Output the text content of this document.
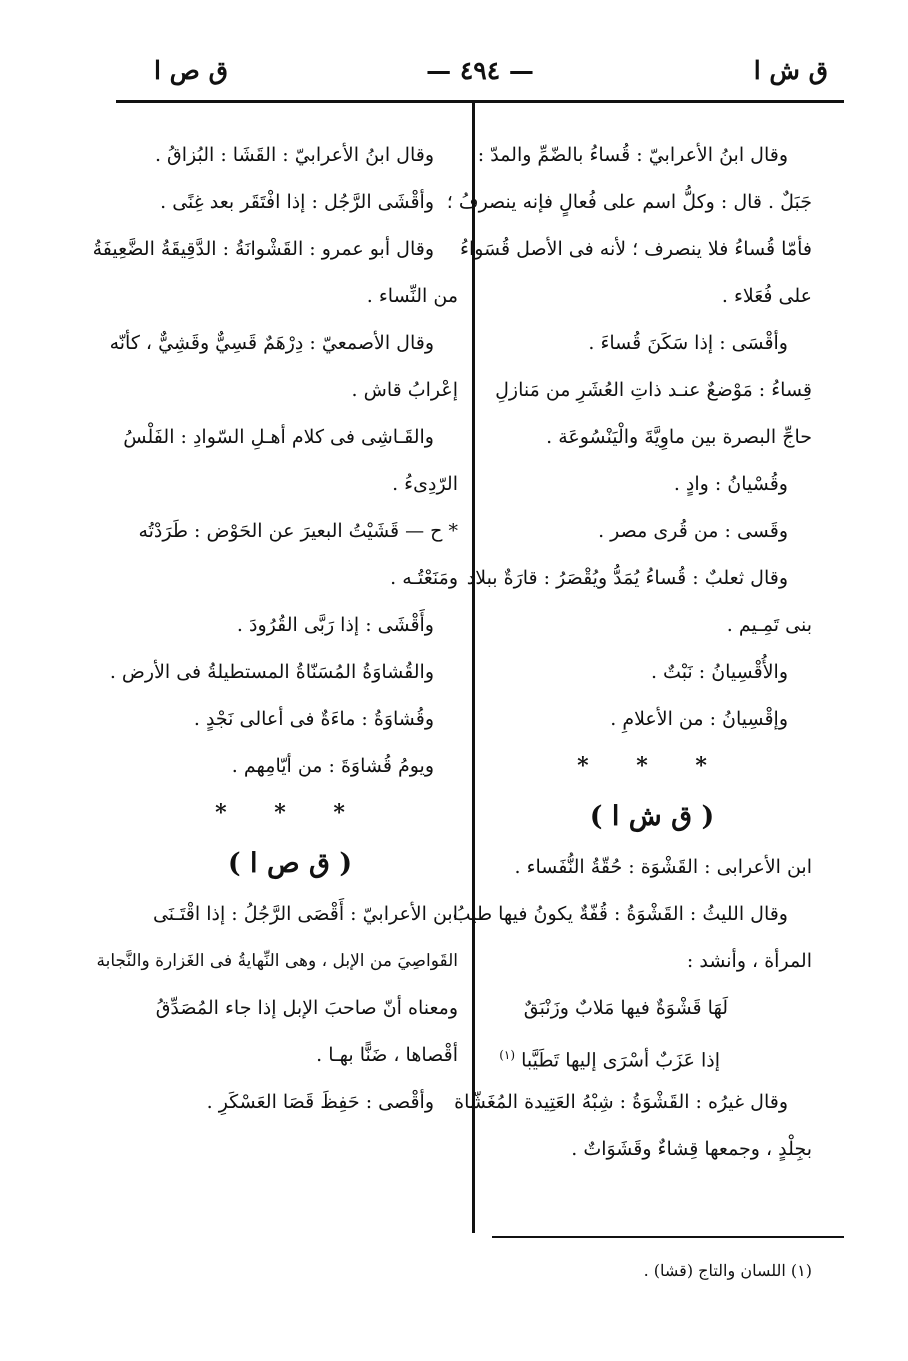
ق ش ا
— ٤٩٤ —
ق ص ا
وقال ابنُ الأعرابيّ : قُساءُ بالضّمِّ والمدّ :
جَبَلٌ . قال : وكلُّ اسم على فُعالٍ فإنه ينصرفُ ؛
فأمّا قُساءُ فلا ينصرف ؛ لأنه فى الأصل قُسَواءُ
على فُعَلاء .
وأقْسَى : إذا سَكَنَ قُساءَ .
قِساءُ : مَوْضعٌ عنـد ذاتِ العُشَرِ من مَنازلِ
حاجِّ البصرة بين ماوِيَّةَ والْيَنْسُوعَة .
وقُسْيانُ : وادٍ .
وقَسى : من قُرى مصر .
وقال ثعلبٌ : قُساءُ يُمَدُّ ويُقْصَرُ : قارَةٌ ببلاد
بنى تَمِـيم .
والأُقْسِيانُ : نَبْتٌ .
وإقْسِيانُ : من الأعلامِ .
* * *
( ق ش ا )
ابن الأعرابى : القَشْوَة : حُقّةُ النُّفَساء .
وقال الليثُ : القَشْوَةُ : قُفّةٌ يكونُ فيها طيبُ
المرأة ، وأنشد :
لَهَا قَشْوَةٌ فيها مَلابٌ وزَنْبَقٌ
إذا عَزَبٌ أسْرَى إليها تَطَيَّبا $^{(١)}$
وقال غيرُه : القَشْوَةُ : شِبْهُ العَتِيدة المُغَشّاة
بجِلْدٍ ، وجمعها قِشاءٌ وقَشَوَاتٌ .
وقال ابنُ الأعرابيّ : القَشَا : البُزاقُ .
وأقْشَى الرَّجُل : إذا افْتَقَر بعد غِنًى .
وقال أبو عمرو : القَشْوانَةُ : الدَّقِيقَةُ الضَّعِيفَةُ
من النِّساء .
وقال الأصمعيّ : دِرْهَمٌ قَسِيٌّ وقَشِيٌّ ، كأنّه
إعْرابُ قاش .
والقَـاشِى فى كلام أهـلِ السّوادِ : الفَلْسُ
الرّدِىءُ .
* ح — قَشَيْتُ البعيرَ عن الحَوْض : طَرَدْتُه
ومَنَعْتُـه .
وأَقْشَى : إذا رَبَّى القُرُودَ .
والقُشاوَةُ المُسَنّاةُ المستطيلةُ فى الأرض .
وقُشاوَةُ : ماءَةٌ فى أعالى نَجْدٍ .
ويومُ قُشاوَةَ : من أيّامِهم .
* * *
( ق ص ا )
ابن الأعرابيّ : أَقْصَى الرَّجُلُ : إذا اقْتَـنَى
القَواصِيَ من الإبل ، وهى النِّهايةُ فى الغَزارة والنَّجابة
ومعناه أنّ صاحبَ الإبل إذا جاء المُصَدِّقُ
أقْصاها ، ضَنًّا بهـا .
وأقْصى : حَفِظَ قَصَا العَسْكَرِ .
(١) اللسان والتاج (قشا) .
